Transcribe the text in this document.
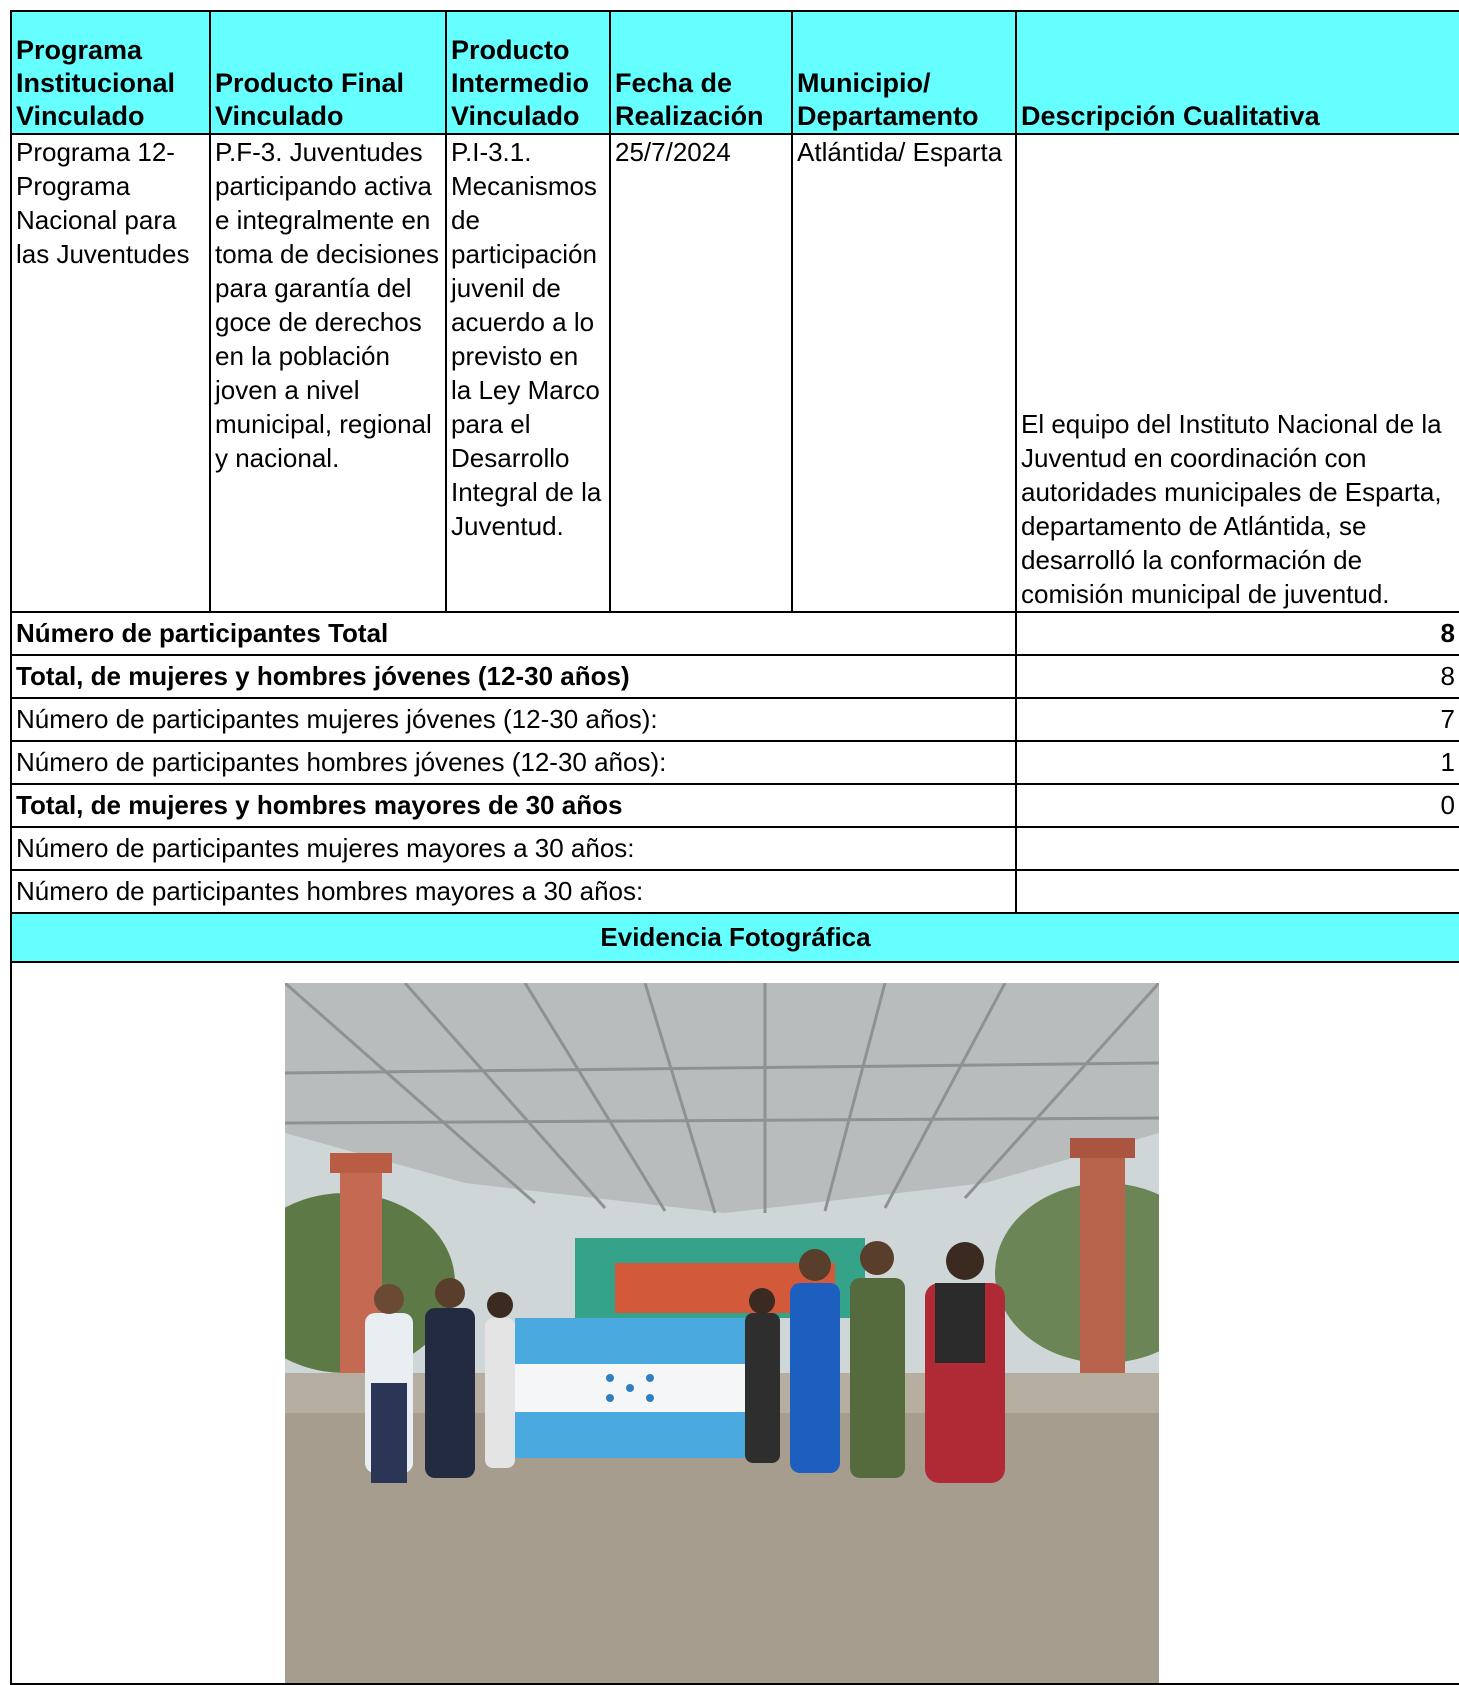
Programa Institucional Vinculado	Producto Final Vinculado	Producto Intermedio Vinculado	Fecha de Realización	Municipio/ Departamento	Descripción Cualitativa
Programa 12- Programa Nacional para las Juventudes	P.F-3. Juventudes participando activa e integralmente en toma de decisiones para garantía del goce de derechos en la población joven a nivel municipal, regional y nacional.	P.I-3.1. Mecanismos de participación juvenil de acuerdo a lo previsto en la Ley Marco para el Desarrollo Integral de la Juventud.	25/7/2024	Atlántida/ Esparta	El equipo del Instituto Nacional de la Juventud en coordinación con autoridades municipales de Esparta, departamento de Atlántida, se desarrolló la conformación de comisión municipal de juventud.
Número de participantes Total					8
Total, de mujeres y hombres jóvenes (12-30 años)					8
Número de participantes mujeres jóvenes (12-30 años):					7
Número de participantes hombres jóvenes (12-30 años):					1
Total, de mujeres y hombres mayores de 30 años					0
Número de participantes mujeres mayores a 30 años:					
Número de participantes hombres mayores a 30 años:					
Evidencia Fotográfica					
